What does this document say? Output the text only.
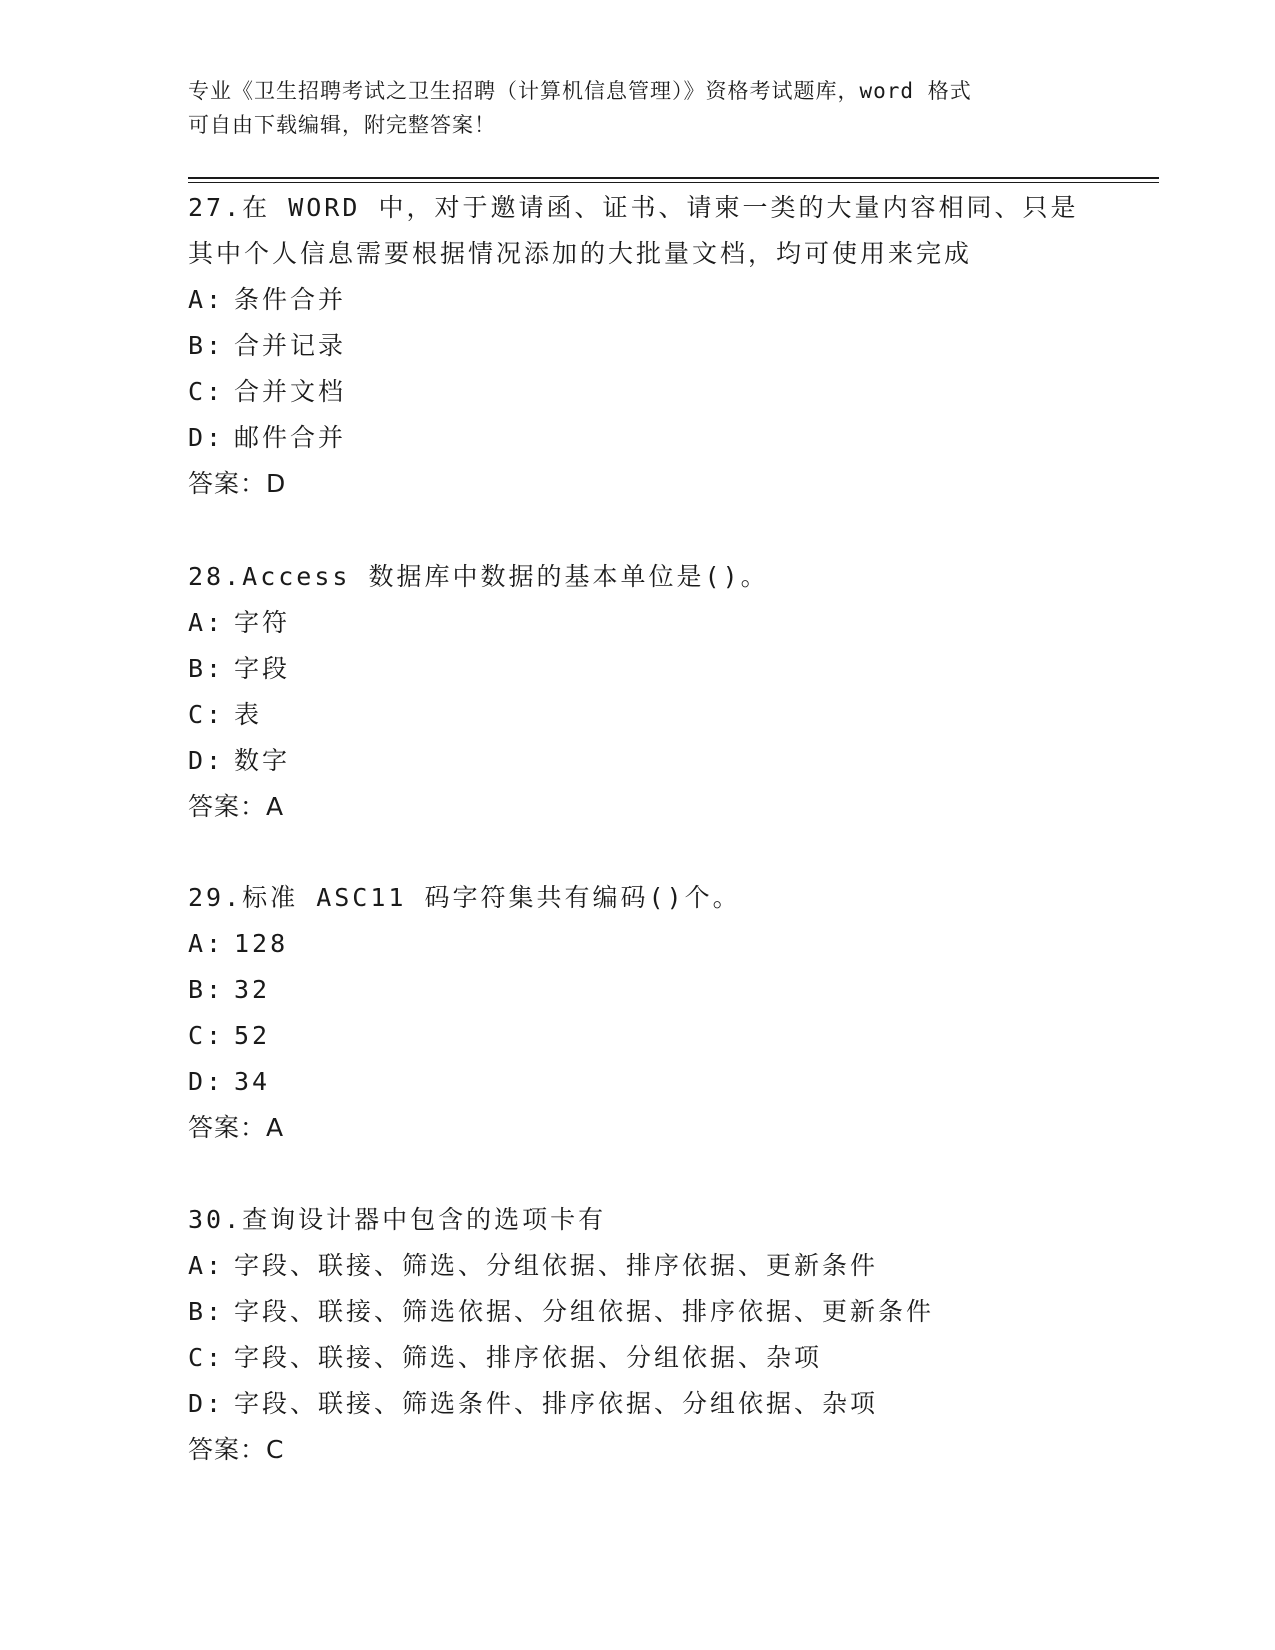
专业《卫生招聘考试之卫生招聘（计算机信息管理）》资格考试题库，word 格式
可自由下载编辑，附完整答案！
27.在 WORD 中，对于邀请函、证书、请柬一类的大量内容相同、只是
其中个人信息需要根据情况添加的大批量文档，均可使用来完成
A: 条件合并
B: 合并记录
C: 合并文档
D: 邮件合并
答案：D
28.Access 数据库中数据的基本单位是()。
A: 字符
B: 字段
C: 表
D: 数字
答案：A
29.标准 ASC11 码字符集共有编码()个。
A: 128
B: 32
C: 52
D: 34
答案：A
30.查询设计器中包含的选项卡有
A: 字段、联接、筛选、分组依据、排序依据、更新条件
B: 字段、联接、筛选依据、分组依据、排序依据、更新条件
C: 字段、联接、筛选、排序依据、分组依据、杂项
D: 字段、联接、筛选条件、排序依据、分组依据、杂项
答案：C
